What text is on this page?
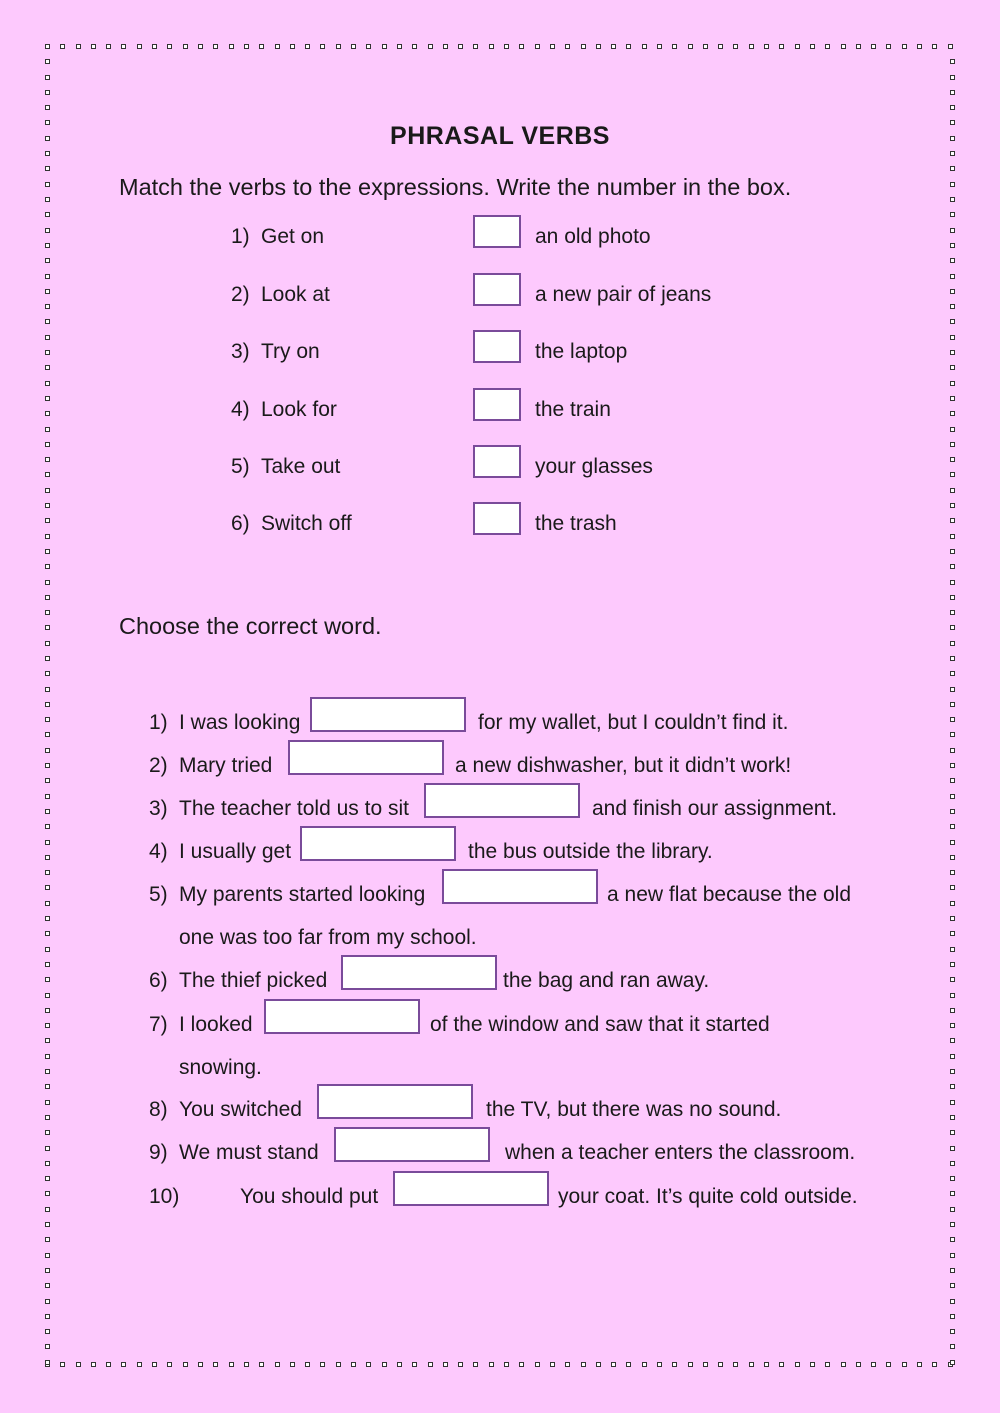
PHRASAL VERBS
Match the verbs to the expressions. Write the number in the box.
1) Get on	an old photo
2) Look at	a new pair of jeans
3) Try on	the laptop
4) Look for	the train
5) Take out	your glasses
6) Switch off	the trash
Choose the correct word.
1) I was looking	for my wallet, but I couldn’t find it.
2) Mary tried	a new dishwasher, but it didn’t work!
3) The teacher told us to sit	and finish our assignment.
4) I usually get	the bus outside the library.
5) My parents started looking	a new flat because the old
one was too far from my school.
6) The thief picked	the bag and ran away.
7) I looked	of the window and saw that it started
snowing.
8) You switched	the TV, but there was no sound.
9) We must stand	when a teacher enters the classroom.
10)	You should put	your coat. It’s quite cold outside.
